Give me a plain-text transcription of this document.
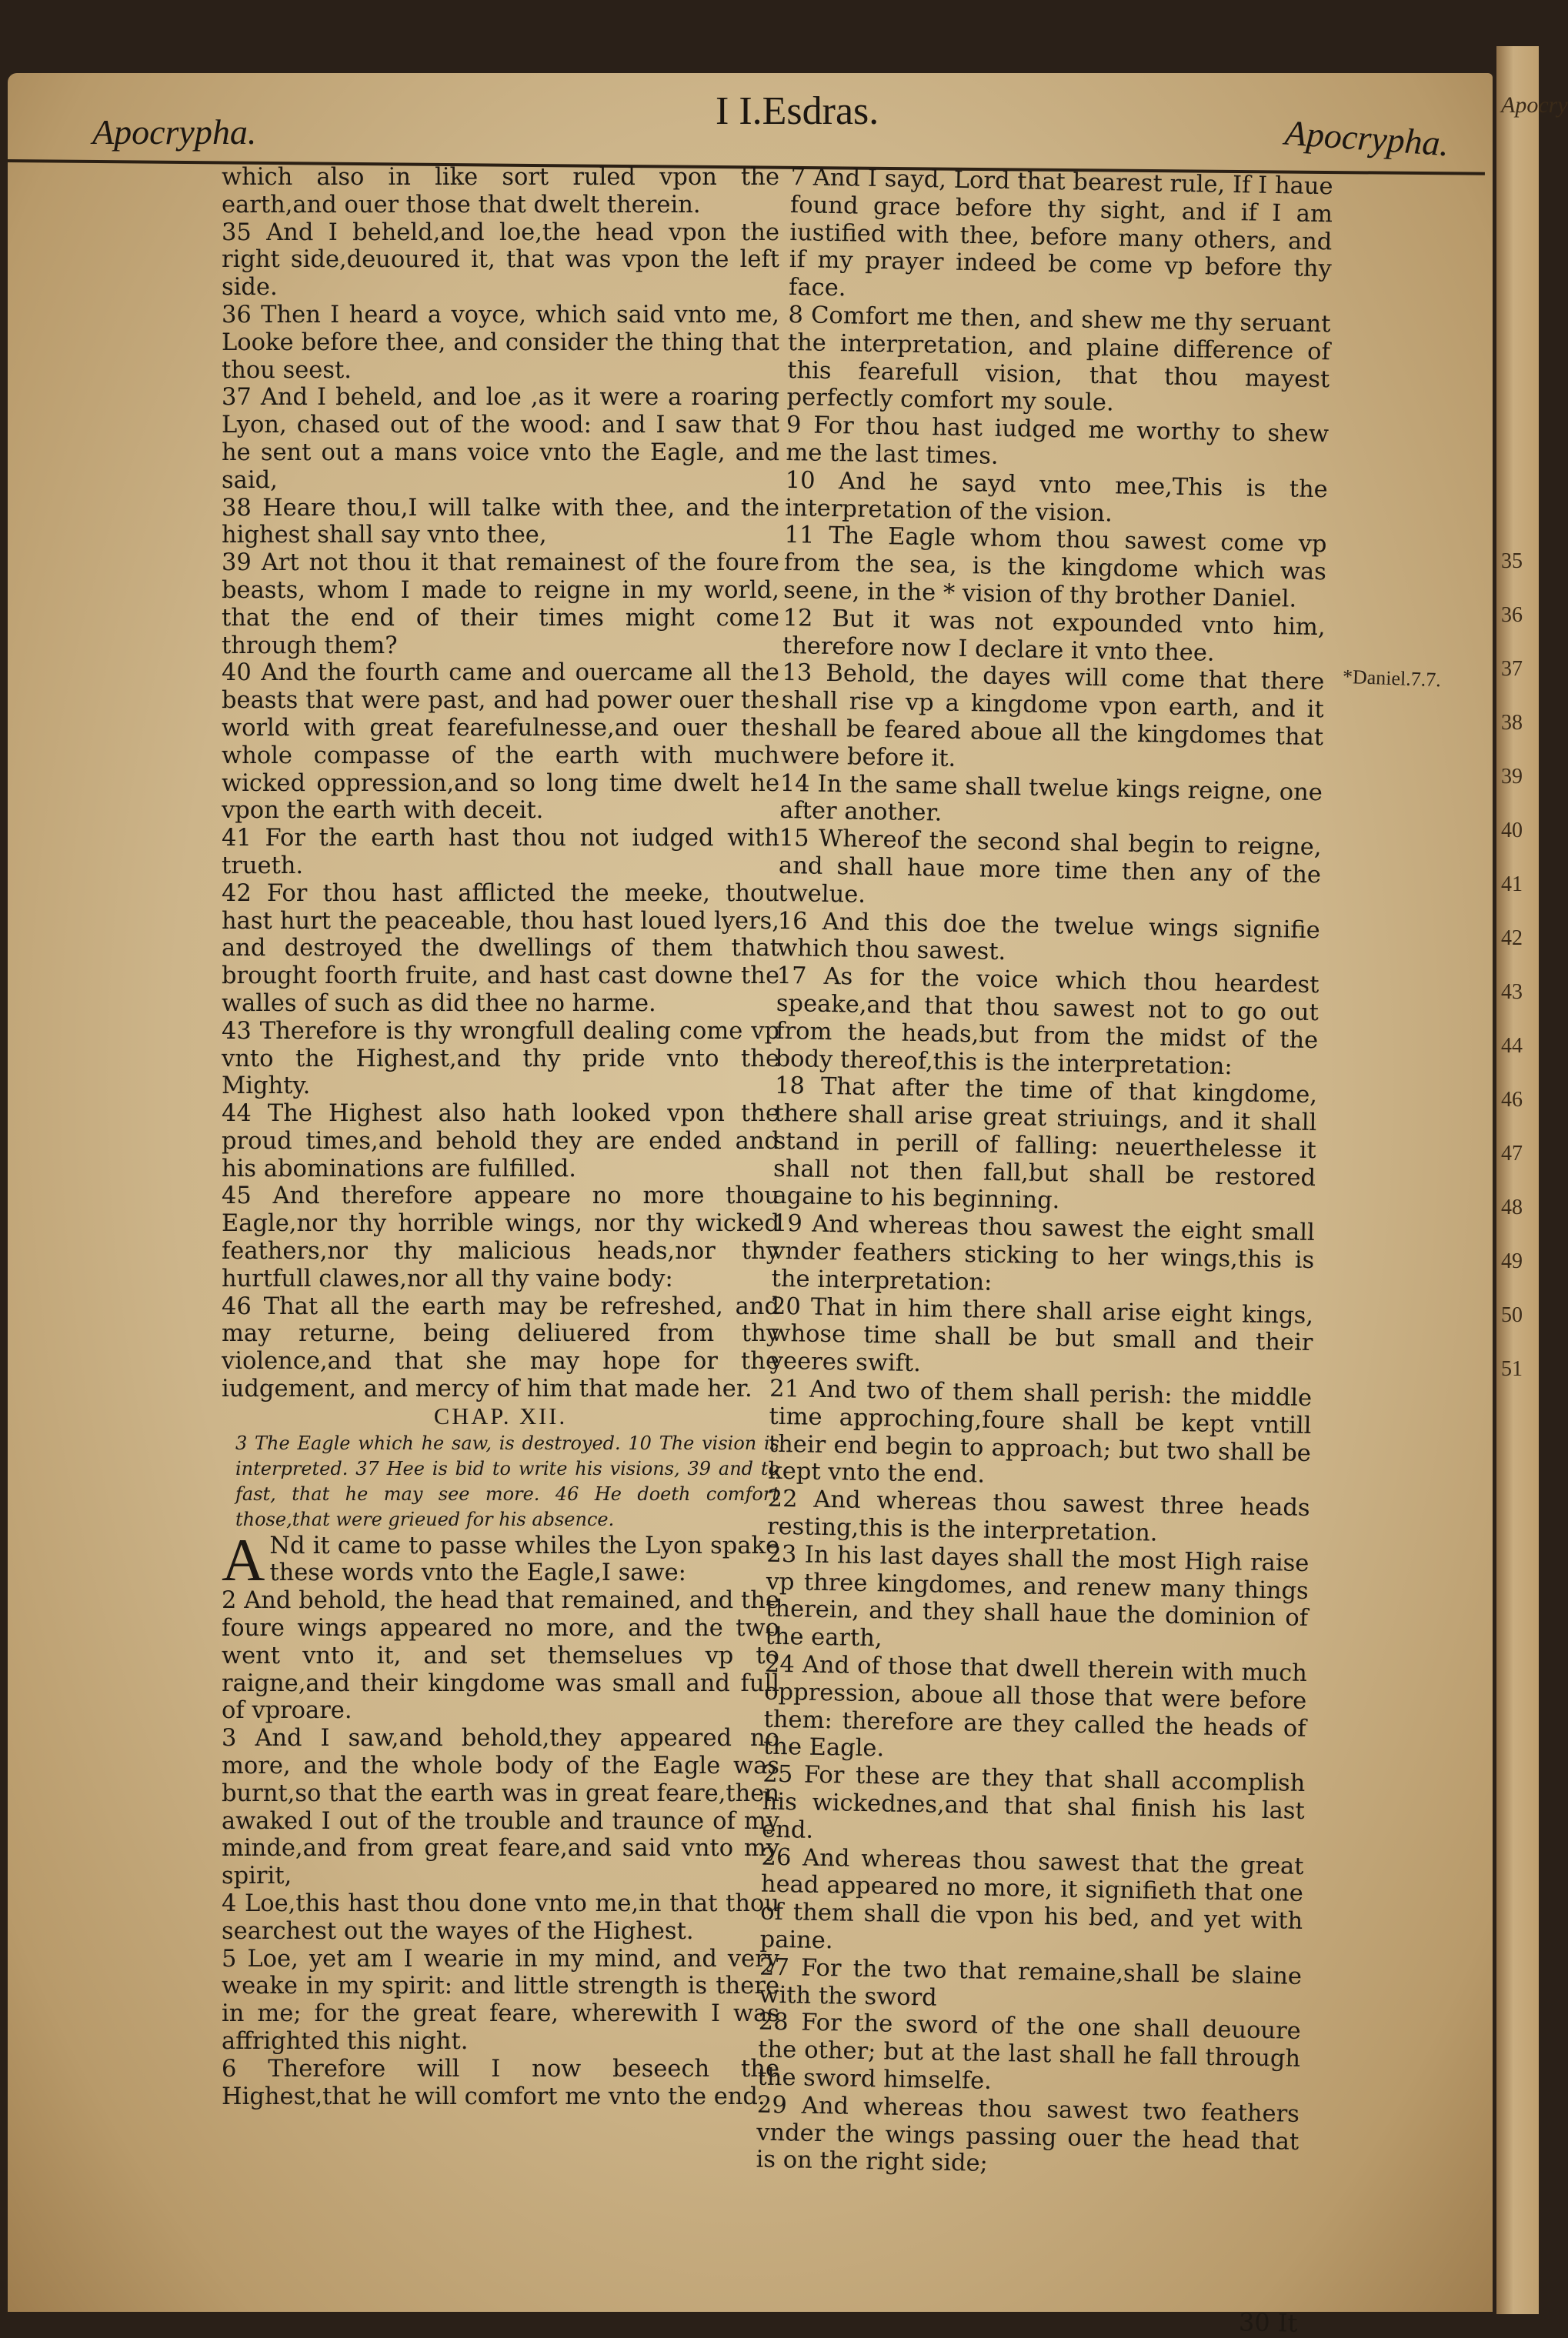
Apocrypha.	I I.Esdras.
Apocrypha.

which also in like sort ruled vpon the earth,and ouer those that dwelt therein.

35 And I beheld,and loe,the head vpon the right side,deuoured it, that was vpon the left side.

36 Then I heard a voyce, which said vnto me, Looke before thee, and consider the thing that thou seest.

37 And I beheld, and loe ,as it were a roaring Lyon, chased out of the wood: and I saw that he sent out a mans voice vnto the Eagle, and said,

38 Heare thou,I will talke with thee, and the highest shall say vnto thee,

39 Art not thou it that remainest of the foure beasts, whom I made to reigne in my world, that the end of their times might come through them?

40 And the fourth came and ouercame all the beasts that were past, and had power ouer the world with great fearefulnesse,and ouer the whole compasse of the earth with much wicked oppression,and so long time dwelt he vpon the earth with deceit.

41 For the earth hast thou not iudged with trueth.

42 For thou hast afflicted the meeke, thou hast hurt the peaceable, thou hast loued lyers, and destroyed the dwellings of them that brought foorth fruite, and hast cast downe the walles of such as did thee no harme.

43 Therefore is thy wrongfull dealing come vp vnto the Highest,and thy pride vnto the Mighty.

44 The Highest also hath looked vpon the proud times,and behold they are ended and his abominations are fulfilled.

45 And therefore appeare no more thou Eagle,nor thy horrible wings, nor thy wicked feathers,nor thy malicious heads,nor thy hurtfull clawes,nor all thy vaine body:

46 That all the earth may be refreshed, and may returne, being deliuered from thy violence,and that she may hope for the iudgement, and mercy of him that made her.

CHAP. XII.

3 The Eagle which he saw, is destroyed. 10 The vision is interpreted. 37 Hee is bid to write his visions, 39 and to fast, that he may see more. 46 He doeth comfort those,that were grieued for his absence.

A Nd it came to passe whiles the Lyon spake these words vnto the Eagle,I sawe:

2 And behold, the head that remained, and the foure wings appeared no more, and the two went vnto it, and set themselues vp to raigne,and their kingdome was small and full of vproare.

3 And I saw,and behold,they appeared no more, and the whole body of the Eagle was burnt,so that the earth was in great feare,then awaked I out of the trouble and traunce of my minde,and from great feare,and said vnto my spirit,

4 Loe,this hast thou done vnto me,in that thou searchest out the wayes of the Highest.

5 Loe, yet am I wearie in my mind, and very weake in my spirit: and little strength is there in me; for the great feare, wherewith I was affrighted this night.

6 Therefore will I now beseech the Highest,that he will comfort me vnto the end.

7 And I sayd, Lord that bearest rule, If I haue found grace before thy sight, and if I am iustified with thee, before many others, and if my prayer indeed be come vp before thy face.

8 Comfort me then, and shew me thy seruant the interpretation, and plaine difference of this fearefull vision, that thou mayest perfectly comfort my soule.

9 For thou hast iudged me worthy to shew me the last times.

10 And he sayd vnto mee,This is the interpretation of the vision.

11 The Eagle whom thou sawest come vp from the sea, is the kingdome which was seene, in the * vision of thy brother Daniel.

12 But it was not expounded vnto him, therefore now I declare it vnto thee.

13 Behold, the dayes will come that there shall rise vp a kingdome vpon earth, and it shall be feared aboue all the kingdomes that were before it.

14 In the same shall twelue kings reigne, one after another.

15 Whereof the second shal begin to reigne, and shall haue more time then any of the twelue.

16 And this doe the twelue wings signifie which thou sawest.

17 As for the voice which thou heardest speake,and that thou sawest not to go out from the heads,but from the midst of the body thereof,this is the interpretation:

18 That after the time of that kingdome, there shall arise great striuings, and it shall stand in perill of falling: neuerthelesse it shall not then fall,but shall be restored againe to his beginning.

19 And whereas thou sawest the eight small vnder feathers sticking to her wings,this is the interpretation:

20 That in him there shall arise eight kings, whose time shall be but small and their yeeres swift.

21 And two of them shall perish: the middle time approching,foure shall be kept vntill their end begin to approach; but two shall be kept vnto the end.

22 And whereas thou sawest three heads resting,this is the interpretation.

23 In his last dayes shall the most High raise vp three kingdomes, and renew many things therein, and they shall haue the dominion of the earth,

24 And of those that dwell therein with much oppression, aboue all those that were before them: therefore are they called the heads of the Eagle.

25 For these are they that shall accomplish his wickednes,and that shal finish his last end.

26 And whereas thou sawest that the great head appeared no more, it signifieth that one of them shall die vpon his bed, and yet with paine.

27 For the two that remaine,shall be slaine with the sword

28 For the sword of the one shall deuoure the other; but at the last shall he fall through the sword himselfe.

29 And whereas thou sawest two feathers vnder the wings passing ouer the head that is on the right side;

*Daniel.7.7.
30 It
Apocry
35
36
37
38
39
40
41
42
43
44
46
47
48
49
50
51
